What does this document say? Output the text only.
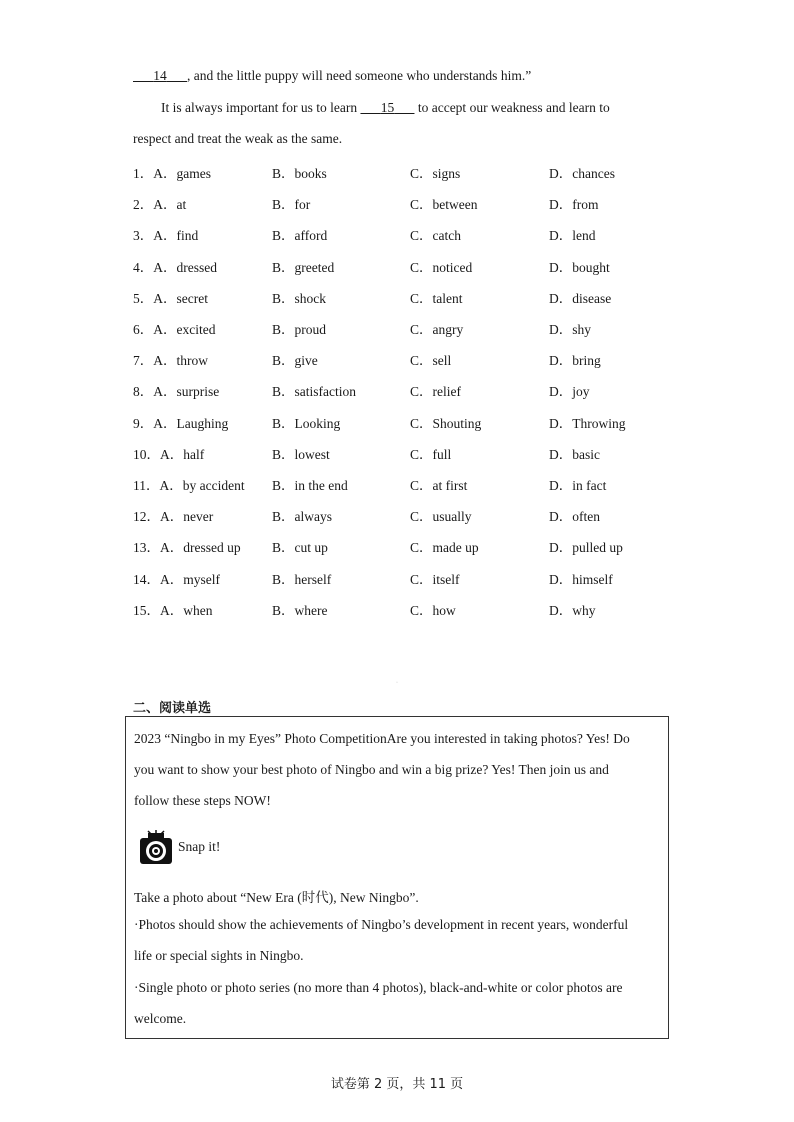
14 , and the little puppy will need someone who understands him.”
It is always important for us to learn       15       to accept our weakness and learn to
respect and treat the weak as the same.
1．A．games	B．books	C．signs	D．chances
2．A．at	B．for	C．between	D．from
3．A．find	B．afford	C．catch	D．lend
4．A．dressed	B．greeted	C．noticed	D．bought
5．A．secret	B．shock	C．talent	D．disease
6．A．excited	B．proud	C．angry	D．shy
7．A．throw	B．give	C．sell	D．bring
8．A．surprise	B．satisfaction	C．relief	D．joy
9．A．Laughing	B．Looking	C．Shouting	D．Throwing
10．A．half	B．lowest	C．full	D．basic
11．A．by accident B．in the end	C．at first	D．in fact
12．A．never	B．always	C．usually	D．often
13．A．dressed up B．cut up	C．made up	D．pulled up
14．A．myself	B．herself	C．itself	D．himself
15．A．when	B．where	C．how	D．why
·
二、阅读单选
2023 “Ningbo in my Eyes” Photo CompetitionAre you interested in taking photos? Yes! Do
you want to show your best photo of Ningbo and win a big prize? Yes! Then join us and
follow these steps NOW!
Snap it!
Take a photo about “New Era (时代), New Ningbo”.
·Photos should show the achievements of Ningbo’s development in recent years, wonderful
life or special sights in Ningbo.
·Single photo or photo series (no more than 4 photos), black-and-white or color photos are
welcome.
试卷第 2 页，共 11 页
